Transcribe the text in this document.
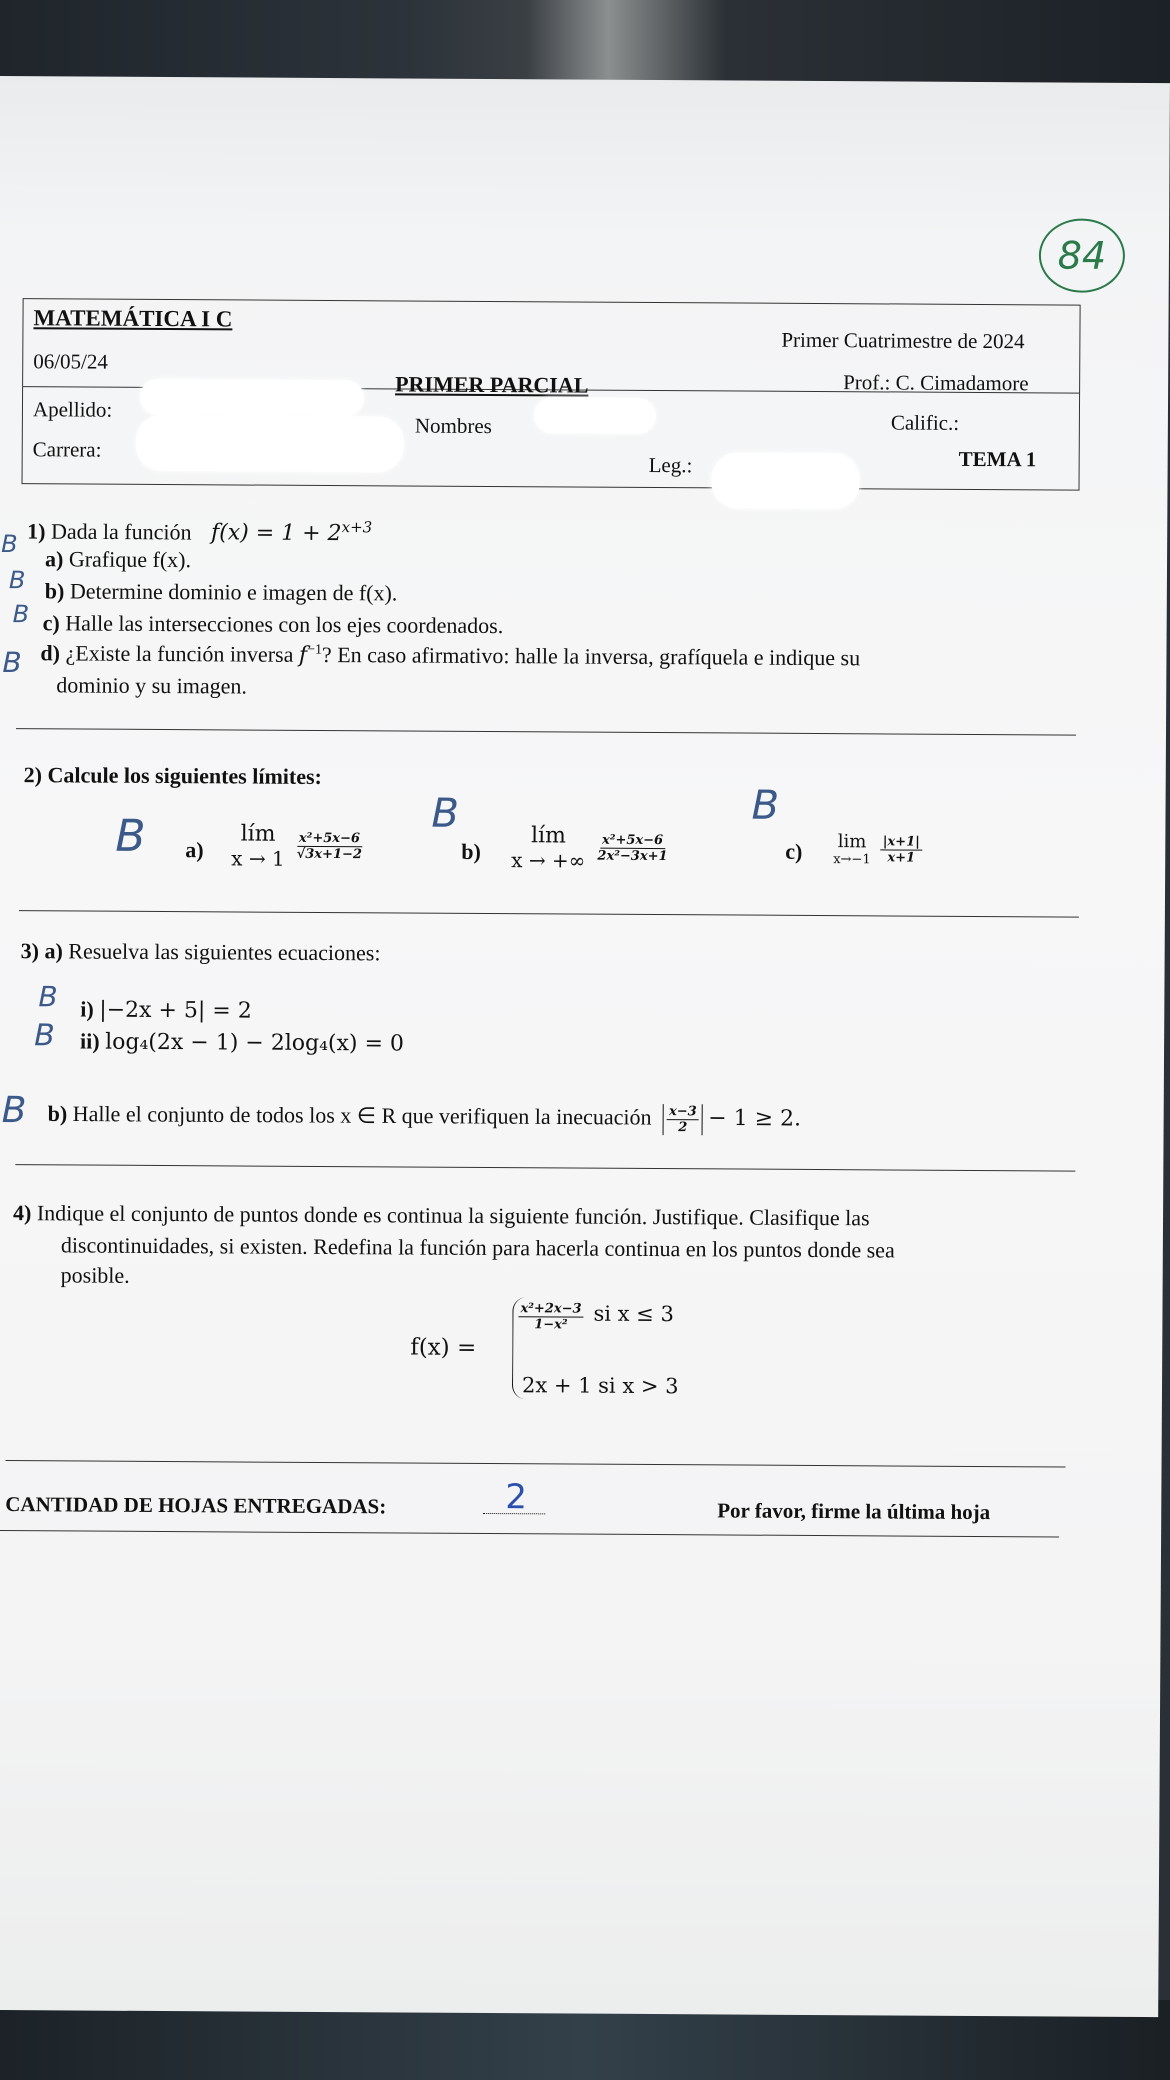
84
MATEMÁTICA I C
Primer Cuatrimestre de 2024
06/05/24
PRIMER PARCIAL	Prof.: C. Cimadamore
Apellido:
Nombres	Calific.:
Carrera:
Leg.:	TEMA 1
1) Dada la función $f(x) = 1 + 2^{x+3}$
B
a) Grafique f(x).
B b) Determine dominio e imagen de f(x).
B c) Halle las intersecciones con los ejes coordenados.
B d) ¿Existe la función inversa $f^{-1}$? En caso afirmativo: halle la inversa, grafíquela e indique su
dominio y su imagen.
2) Calcule los siguientes límites:
B a)
lím
x → 1
$\frac{\text{x²+5x−6}}{√3x+1-2}$
B
b)
lím
x → +∞
$\frac{\text{x²+5x−6}}{\text{2x²−3x+1}}$
B
c) lim
x→−1
$\frac{|x+1|}{x+1}$
3) a) Resuelva las siguientes ecuaciones:
B i) |−2x + 5| = 2
B ii) log₄(2x − 1) − 2log₄(x) = 0
B b) Halle el conjunto de todos los x ∈ R que verifiquen la inecuación $\frac{x-3}{2} - 1 \ge 2$.
4) Indique el conjunto de puntos donde es continua la siguiente función. Justifique. Clasifique las
discontinuidades, si existen. Redefina la función para hacerla continua en los puntos donde sea
posible.
f(x) =
$\frac{\text{x²+2x−3}}{\text{1−x²}}$ si x ≤ 3
2x + 1 si x > 3
CANTIDAD DE HOJAS ENTREGADAS:	2	Por favor, firme la última hoja
